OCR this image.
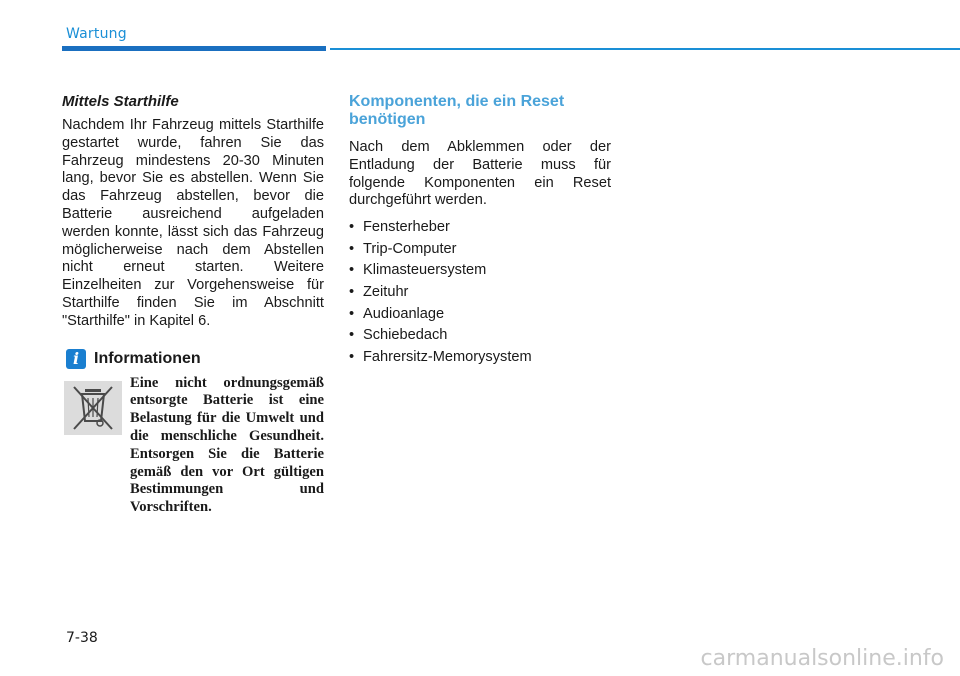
Wartung
Mittels Starthilfe

Nachdem Ihr Fahrzeug mittels Starthilfe gestartet wurde, fahren Sie das Fahrzeug mindestens 20-30 Minuten lang, bevor Sie es abstellen. Wenn Sie das Fahrzeug abstellen, bevor die Batterie ausreichend aufgeladen werden konnte, lässt sich das Fahrzeug möglicherweise nach dem Abstellen nicht erneut starten. Weitere Einzelheiten zur Vorgehensweise für Starthilfe finden Sie im Abschnitt "Starthilfe" in Kapitel 6.

i Informationen

Eine nicht ordnungsgemäß entsorgte Batterie ist eine Belastung für die Umwelt und die menschliche Gesundheit. Entsorgen Sie die Batterie gemäß den vor Ort gültigen Bestimmungen und Vorschriften.

Komponenten, die ein Reset benötigen

Nach dem Abklemmen oder der Entladung der Batterie muss für folgende Komponenten ein Reset durchgeführt werden.

• Fensterheber
• Trip-Computer
• Klimasteuersystem
• Zeituhr
• Audioanlage
• Schiebedach
• Fahrersitz-Memorysystem
7-38
carmanualsonline.info
